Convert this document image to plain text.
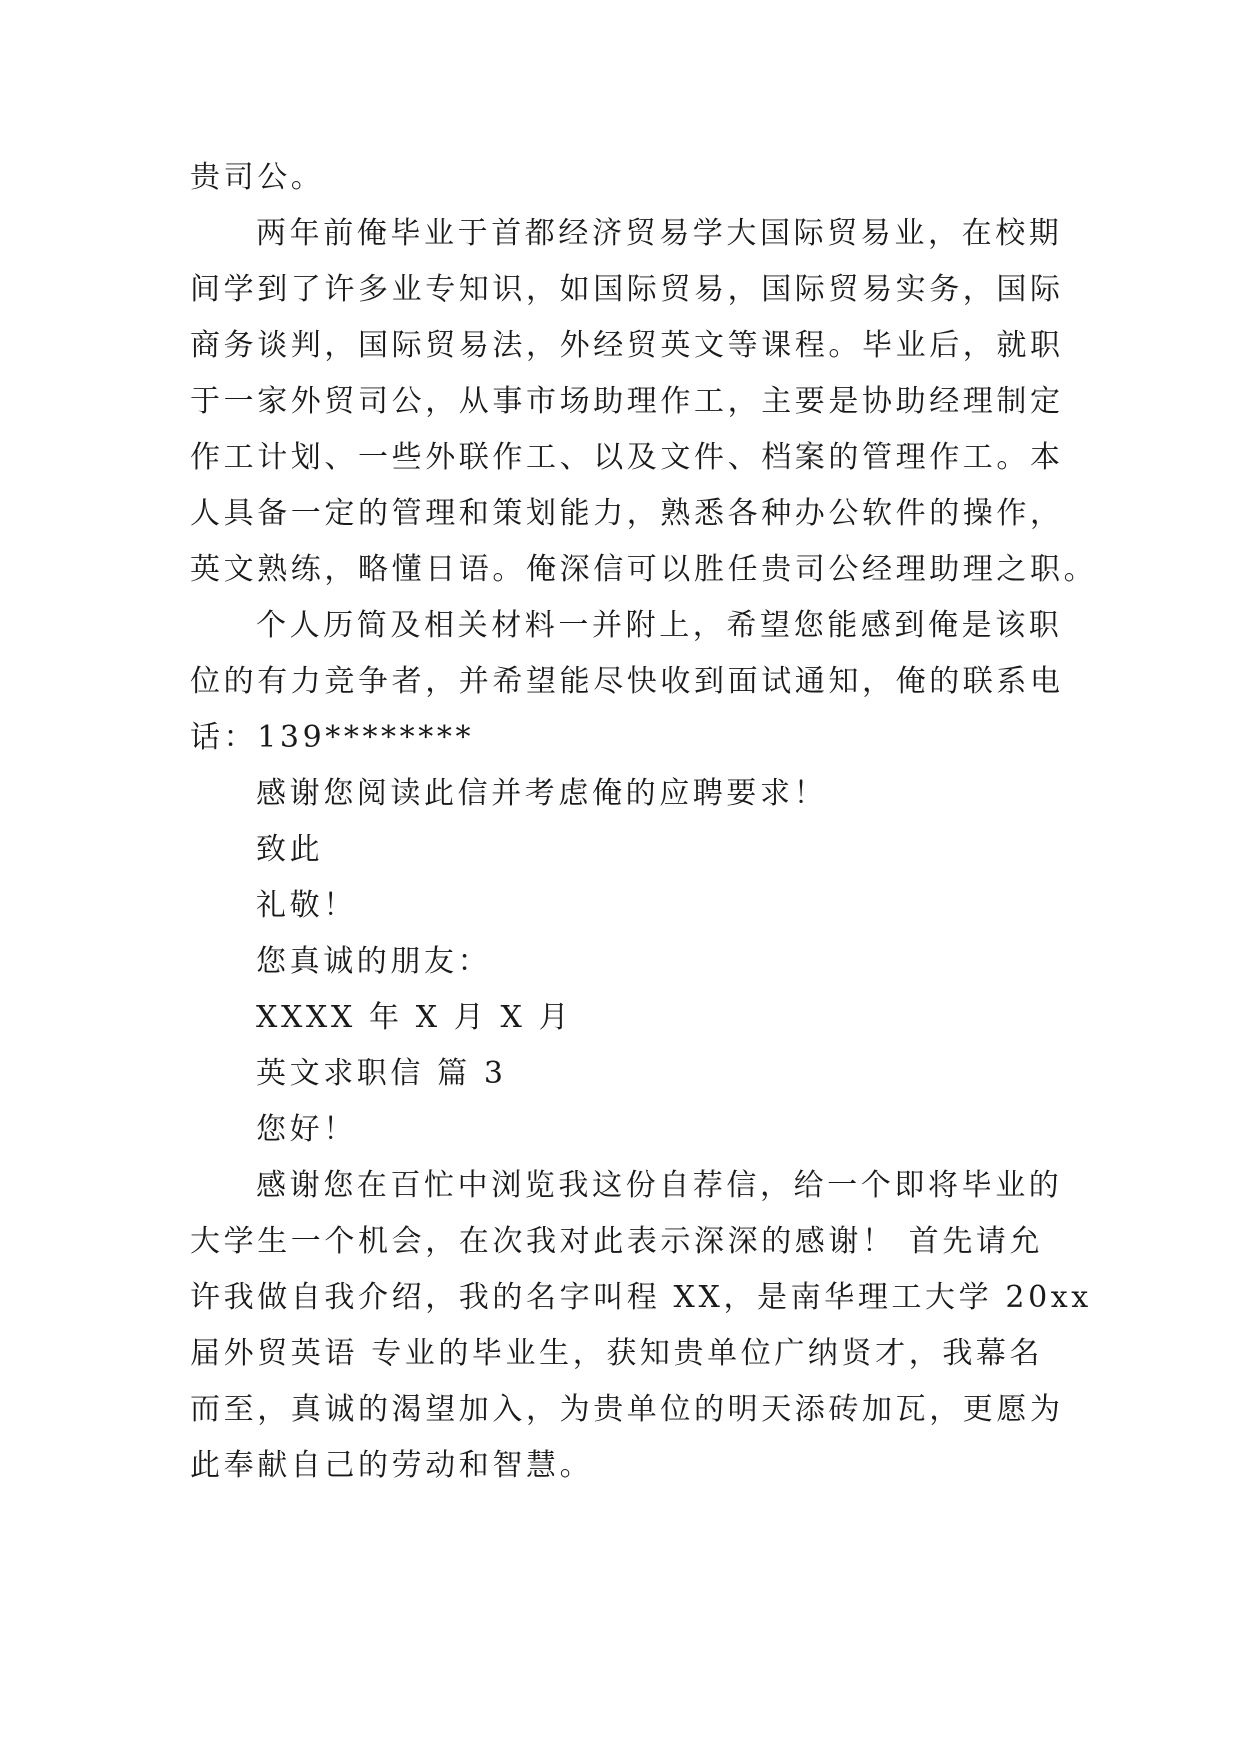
贵司公。
两年前俺毕业于首都经济贸易学大国际贸易业，在校期
间学到了许多业专知识，如国际贸易，国际贸易实务，国际
商务谈判，国际贸易法，外经贸英文等课程。毕业后，就职
于一家外贸司公，从事市场助理作工，主要是协助经理制定
作工计划、一些外联作工、以及文件、档案的管理作工。本
人具备一定的管理和策划能力，熟悉各种办公软件的操作，
英文熟练，略懂日语。俺深信可以胜任贵司公经理助理之职。
个人历简及相关材料一并附上，希望您能感到俺是该职
位的有力竞争者，并希望能尽快收到面试通知，俺的联系电
话：139********
感谢您阅读此信并考虑俺的应聘要求！
致此
礼敬！
您真诚的朋友：
XXXX 年 X 月 X 月
英文求职信 篇 3
您好！
感谢您在百忙中浏览我这份自荐信，给一个即将毕业的
大学生一个机会，在次我对此表示深深的感谢！ 首先请允
许我做自我介绍，我的名字叫程 XX，是南华理工大学 20xx
届外贸英语 专业的毕业生，获知贵单位广纳贤才，我幕名
而至，真诚的渴望加入，为贵单位的明天添砖加瓦，更愿为
此奉献自己的劳动和智慧。
